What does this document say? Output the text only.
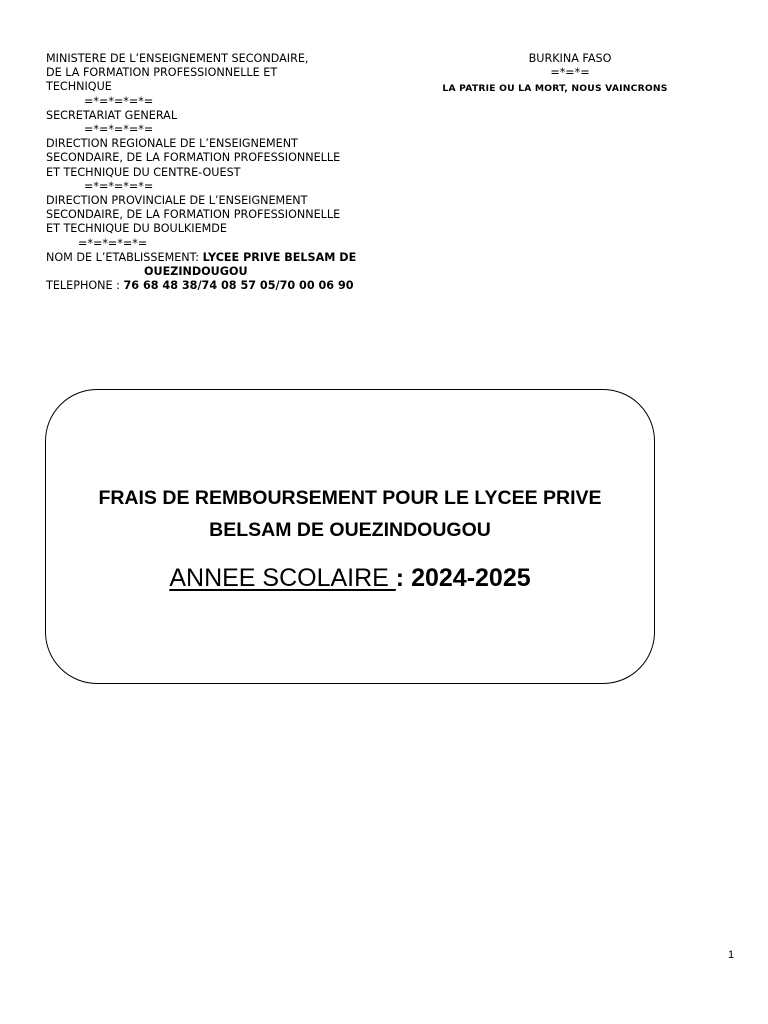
MINISTERE DE L’ENSEIGNEMENT SECONDAIRE,
DE LA FORMATION PROFESSIONNELLE ET
TECHNIQUE
=*=*=*=*=
SECRETARIAT GENERAL
=*=*=*=*=
DIRECTION REGIONALE DE L’ENSEIGNEMENT
SECONDAIRE, DE LA FORMATION PROFESSIONNELLE
ET TECHNIQUE DU CENTRE-OUEST
=*=*=*=*=
DIRECTION PROVINCIALE DE L’ENSEIGNEMENT
SECONDAIRE, DE LA FORMATION PROFESSIONNELLE
ET TECHNIQUE DU BOULKIEMDE
=*=*=*=*=
NOM DE L’ETABLISSEMENT: LYCEE PRIVE BELSAM DE
OUEZINDOUGOU
TELEPHONE : 76 68 48 38/74 08 57 05/70 00 06 90
BURKINA FASO
=*=*=
LA PATRIE OU LA MORT, NOUS VAINCRONS
FRAIS DE REMBOURSEMENT POUR LE LYCEE PRIVE
BELSAM DE OUEZINDOUGOU
ANNEE SCOLAIRE : 2024-2025
1
